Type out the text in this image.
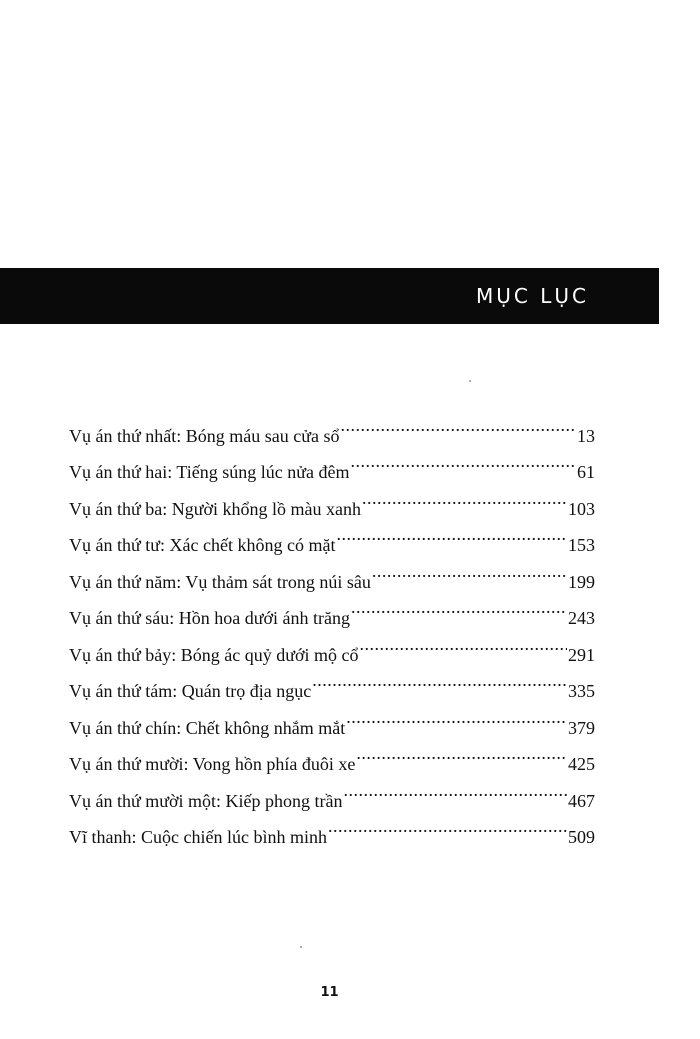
MỤC LỤC
Vụ án thứ nhất: Bóng máu sau cửa sổ .....	13
Vụ án thứ hai: Tiếng súng lúc nửa đêm .....	61
Vụ án thứ ba: Người khổng lồ màu xanh .....	103
Vụ án thứ tư: Xác chết không có mặt .....	153
Vụ án thứ năm: Vụ thảm sát trong núi sâu .....	199
Vụ án thứ sáu: Hồn hoa dưới ánh trăng .....	243
Vụ án thứ bảy: Bóng ác quỷ dưới mộ cổ .....	291
Vụ án thứ tám: Quán trọ địa ngục .....	335
Vụ án thứ chín: Chết không nhắm mắt .....	379
Vụ án thứ mười: Vong hồn phía đuôi xe .....	425
Vụ án thứ mười một: Kiếp phong trần .....	467
Vĩ thanh: Cuộc chiến lúc bình minh .....	509
11
